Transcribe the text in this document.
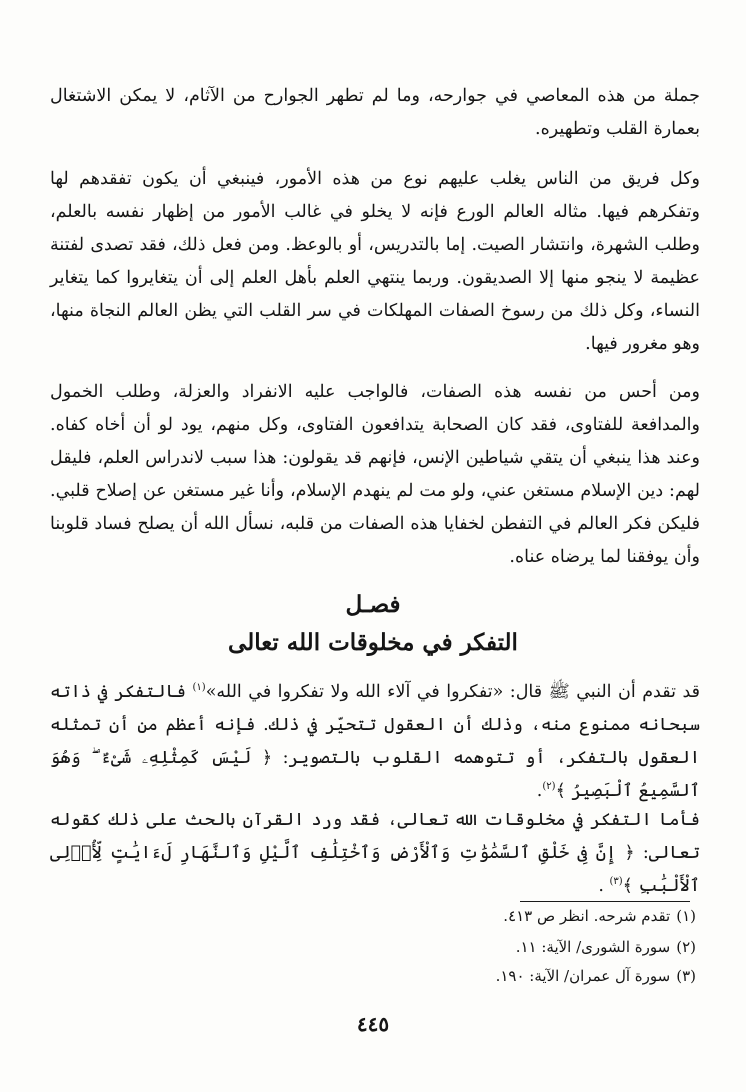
جملة من هذه المعاصي في جوارحه، وما لم تطهر الجوارح من الآثام، لا يمكن الاشتغال بعمارة القلب وتطهيره.

وكل فريق من الناس يغلب عليهم نوع من هذه الأمور، فينبغي أن يكون تفقدهم لها وتفكرهم فيها. مثاله العالم الورع فإنه لا يخلو في غالب الأمور من إظهار نفسه بالعلم، وطلب الشهرة، وانتشار الصيت. إما بالتدريس، أو بالوعظ. ومن فعل ذلك، فقد تصدى لفتنة عظيمة لا ينجو منها إلا الصديقون. وربما ينتهي العلم بأهل العلم إلى أن يتغايروا كما يتغاير النساء، وكل ذلك من رسوخ الصفات المهلكات في سر القلب التي يظن العالم النجاة منها، وهو مغرور فيها.

ومن أحس من نفسه هذه الصفات، فالواجب عليه الانفراد والعزلة، وطلب الخمول والمدافعة للفتاوى، فقد كان الصحابة يتدافعون الفتاوى، وكل منهم، يود لو أن أخاه كفاه. وعند هذا ينبغي أن يتقي شياطين الإنس، فإنهم قد يقولون: هذا سبب لاندراس العلم، فليقل لهم: دين الإسلام مستغن عني، ولو مت لم ينهدم الإسلام، وأنا غير مستغن عن إصلاح قلبي. فليكن فكر العالم في التفطن لخفايا هذه الصفات من قلبه، نسأل الله أن يصلح فساد قلوبنا وأن يوفقنا لما يرضاه عناه.

فصـل
التفكر في مخلوقات الله تعالى

قد تقدم أن النبي ﷺ قال: «تفكروا في آلاء الله ولا تفكروا في الله»$^{(١)}$ فالتفكر في ذاته سبحانه ممنوع منه، وذلك أن العقول تتحيّر في ذلك. فإنه أعظم من أن تمثله العقول بالتفكر، أو تتوهمه القلوب بالتصوير: ﴿ لَيْسَ كَمِثْلِهِۦ شَىْءٌ ۖ وَهُوَ ٱلسَّمِيعُ ٱلْبَصِيرُ ﴾$^{(٢)}$.

فأما التفكر في مخلوقات الله تعالى، فقد ورد القرآن بالحث على ذلك كقوله تعالى: ﴿ إِنَّ فِى خَلْقِ ٱلسَّمَٰوَٰتِ وَٱلْأَرْضِ وَٱخْتِلَٰفِ ٱلَّيْلِ وَٱلنَّهَارِ لَءَايَٰتٍ لِّأُو۟لِى ٱلْأَلْبَٰبِ ﴾$^{(٣)}$ .

(١)تقدم شرحه. انظر ص ٤١٣.

(٢)سورة الشورى/ الآية: ١١.

(٣)سورة آل عمران/ الآية: ١٩٠.

٤٤٥
